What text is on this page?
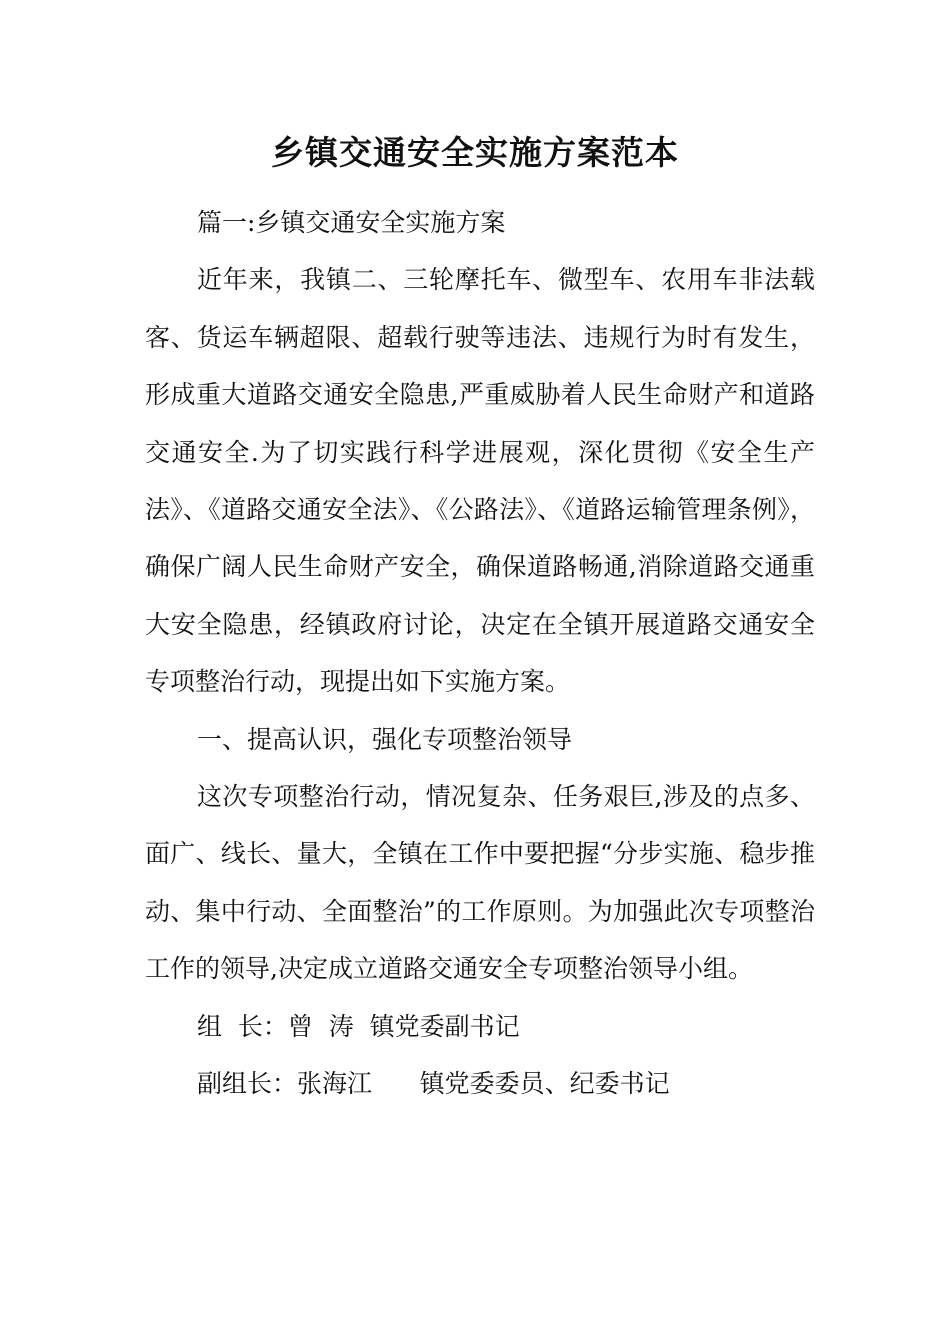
乡镇交通安全实施方案范本
篇一:乡镇交通安全实施方案

近年来，我镇二、三轮摩托车、微型车、农用车非法载客、货运车辆超限、超载行驶等违法、违规行为时有发生，形成重大道路交通安全隐患,严重威胁着人民生命财产和道路交通安全.为了切实践行科学进展观，深化贯彻《安全生产法》、《道路交通安全法》、《公路法》、《道路运输管理条例》，确保广阔人民生命财产安全，确保道路畅通,消除道路交通重大安全隐患，经镇政府讨论，决定在全镇开展道路交通安全专项整治行动，现提出如下实施方案。

一、提高认识，强化专项整治领导

这次专项整治行动，情况复杂、任务艰巨,涉及的点多、面广、线长、量大，全镇在工作中要把握“分步实施、稳步推动、集中行动、全面整治”的工作原则。为加强此次专项整治工作的领导,决定成立道路交通安全专项整治领导小组。

组  长：曾  涛  镇党委副书记
副组长：张海江      镇党委委员、纪委书记
